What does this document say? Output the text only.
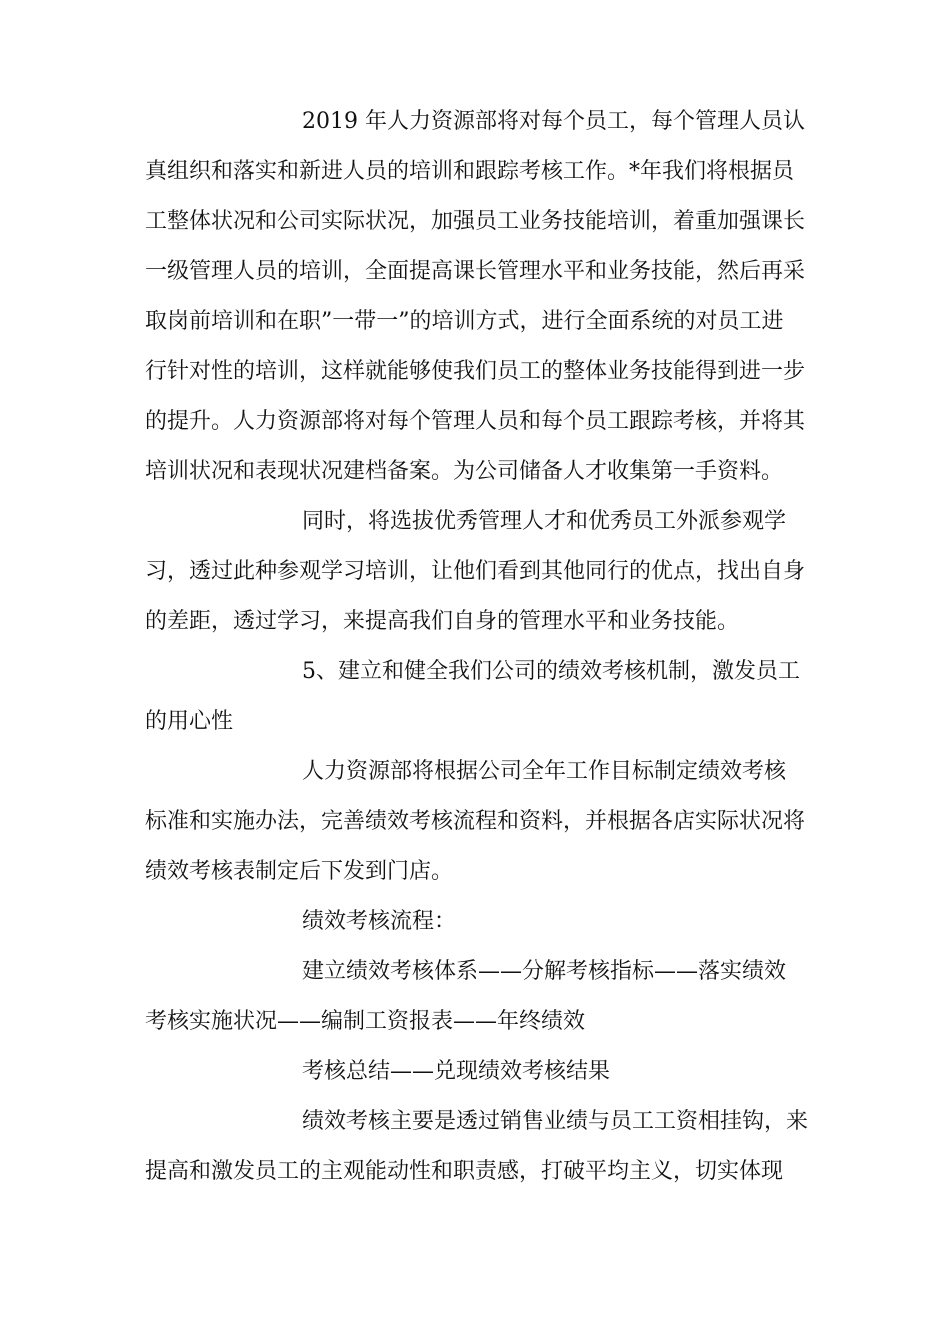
2019 年人力资源部将对每个员工，每个管理人员认
真组织和落实和新进人员的培训和跟踪考核工作。*年我们将根据员
工整体状况和公司实际状况，加强员工业务技能培训，着重加强课长
一级管理人员的培训，全面提高课长管理水平和业务技能，然后再采
取岗前培训和在职”一带一”的培训方式，进行全面系统的对员工进
行针对性的培训，这样就能够使我们员工的整体业务技能得到进一步
的提升。人力资源部将对每个管理人员和每个员工跟踪考核，并将其
培训状况和表现状况建档备案。为公司储备人才收集第一手资料。
同时，将选拔优秀管理人才和优秀员工外派参观学
习，透过此种参观学习培训，让他们看到其他同行的优点，找出自身
的差距，透过学习，来提高我们自身的管理水平和业务技能。
5、建立和健全我们公司的绩效考核机制，激发员工
的用心性
人力资源部将根据公司全年工作目标制定绩效考核
标准和实施办法，完善绩效考核流程和资料，并根据各店实际状况将
绩效考核表制定后下发到门店。
绩效考核流程：
建立绩效考核体系——分解考核指标——落实绩效
考核实施状况——编制工资报表——年终绩效
考核总结——兑现绩效考核结果
绩效考核主要是透过销售业绩与员工工资相挂钩，来
提高和激发员工的主观能动性和职责感，打破平均主义，切实体现
